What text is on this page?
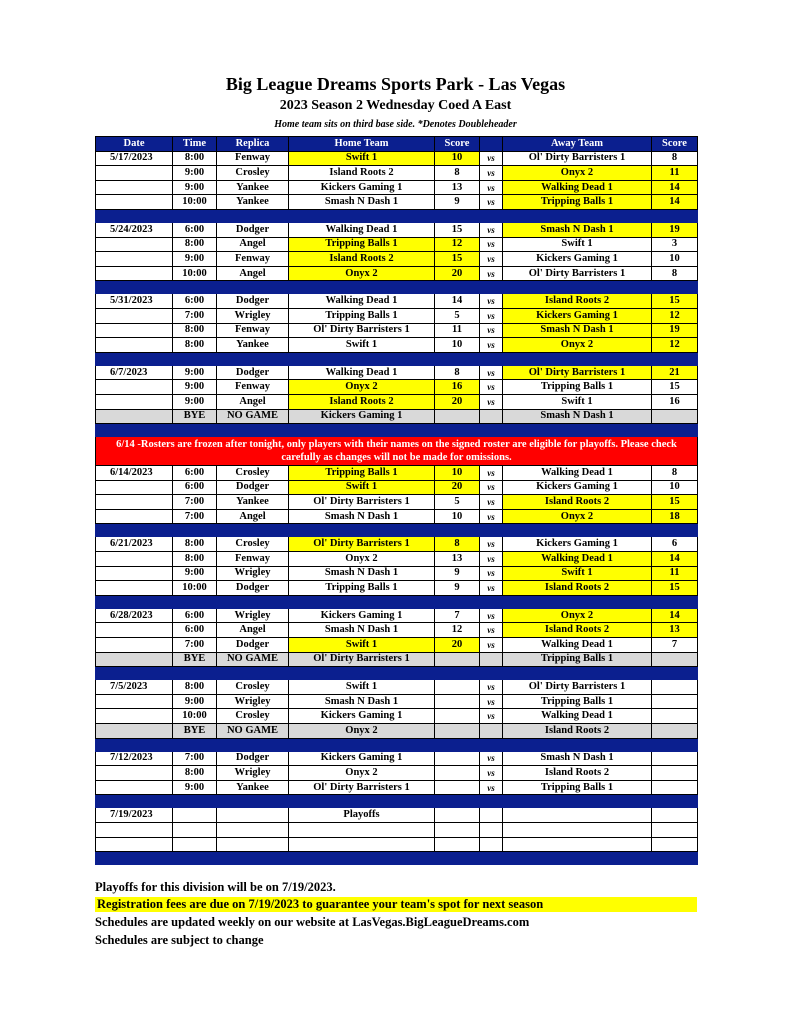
Big League Dreams Sports Park - Las Vegas
2023 Season 2 Wednesday Coed A East
Home team sits on third base side. *Denotes Doubleheader
Date	Time	Replica	Home Team	Score		Away Team	Score
5/17/2023	8:00	Fenway	Swift 1	10	vs	Ol' Dirty Barristers 1	8
	9:00	Crosley	Island Roots 2	8	vs	Onyx 2	11
	9:00	Yankee	Kickers Gaming 1	13	vs	Walking Dead 1	14
	10:00	Yankee	Smash N Dash 1	9	vs	Tripping Balls 1	14

5/24/2023	6:00	Dodger	Walking Dead 1	15	vs	Smash N Dash 1	19
	8:00	Angel	Tripping Balls 1	12	vs	Swift 1	3
	9:00	Fenway	Island Roots 2	15	vs	Kickers Gaming 1	10
	10:00	Angel	Onyx 2	20	vs	Ol' Dirty Barristers 1	8

5/31/2023	6:00	Dodger	Walking Dead 1	14	vs	Island Roots 2	15
	7:00	Wrigley	Tripping Balls 1	5	vs	Kickers Gaming 1	12
	8:00	Fenway	Ol' Dirty Barristers 1	11	vs	Smash N Dash 1	19
	8:00	Yankee	Swift 1	10	vs	Onyx 2	12

6/7/2023	9:00	Dodger	Walking Dead 1	8	vs	Ol' Dirty Barristers 1	21
	9:00	Fenway	Onyx 2	16	vs	Tripping Balls 1	15
	9:00	Angel	Island Roots 2	20	vs	Swift 1	16
	BYE	NO GAME	Kickers Gaming 1			Smash N Dash 1	

6/14 -Rosters are frozen after tonight, only players with their names on the signed roster are eligible for playoffs. Please check carefully as changes will not be made for omissions.							
6/14/2023	6:00	Crosley	Tripping Balls 1	10	vs	Walking Dead 1	8
	6:00	Dodger	Swift 1	20	vs	Kickers Gaming 1	10
	7:00	Yankee	Ol' Dirty Barristers 1	5	vs	Island Roots 2	15
	7:00	Angel	Smash N Dash 1	10	vs	Onyx 2	18

6/21/2023	8:00	Crosley	Ol' Dirty Barristers 1	8	vs	Kickers Gaming 1	6
	8:00	Fenway	Onyx 2	13	vs	Walking Dead 1	14
	9:00	Wrigley	Smash N Dash 1	9	vs	Swift 1	11
	10:00	Dodger	Tripping Balls 1	9	vs	Island Roots 2	15

6/28/2023	6:00	Wrigley	Kickers Gaming 1	7	vs	Onyx 2	14
	6:00	Angel	Smash N Dash 1	12	vs	Island Roots 2	13
	7:00	Dodger	Swift 1	20	vs	Walking Dead 1	7
	BYE	NO GAME	Ol' Dirty Barristers 1			Tripping Balls 1	

7/5/2023	8:00	Crosley	Swift 1		vs	Ol' Dirty Barristers 1	
	9:00	Wrigley	Smash N Dash 1		vs	Tripping Balls 1	
	10:00	Crosley	Kickers Gaming 1		vs	Walking Dead 1	
	BYE	NO GAME	Onyx 2			Island Roots 2	

7/12/2023	7:00	Dodger	Kickers Gaming 1		vs	Smash N Dash 1	
	8:00	Wrigley	Onyx 2		vs	Island Roots 2	
	9:00	Yankee	Ol' Dirty Barristers 1		vs	Tripping Balls 1	

7/19/2023			Playoffs				

Playoffs for this division will be on 7/19/2023.
Registration fees are due on 7/19/2023 to guarantee your team's spot for next season
Schedules are updated weekly on our website at LasVegas.BigLeagueDreams.com
Schedules are subject to change
